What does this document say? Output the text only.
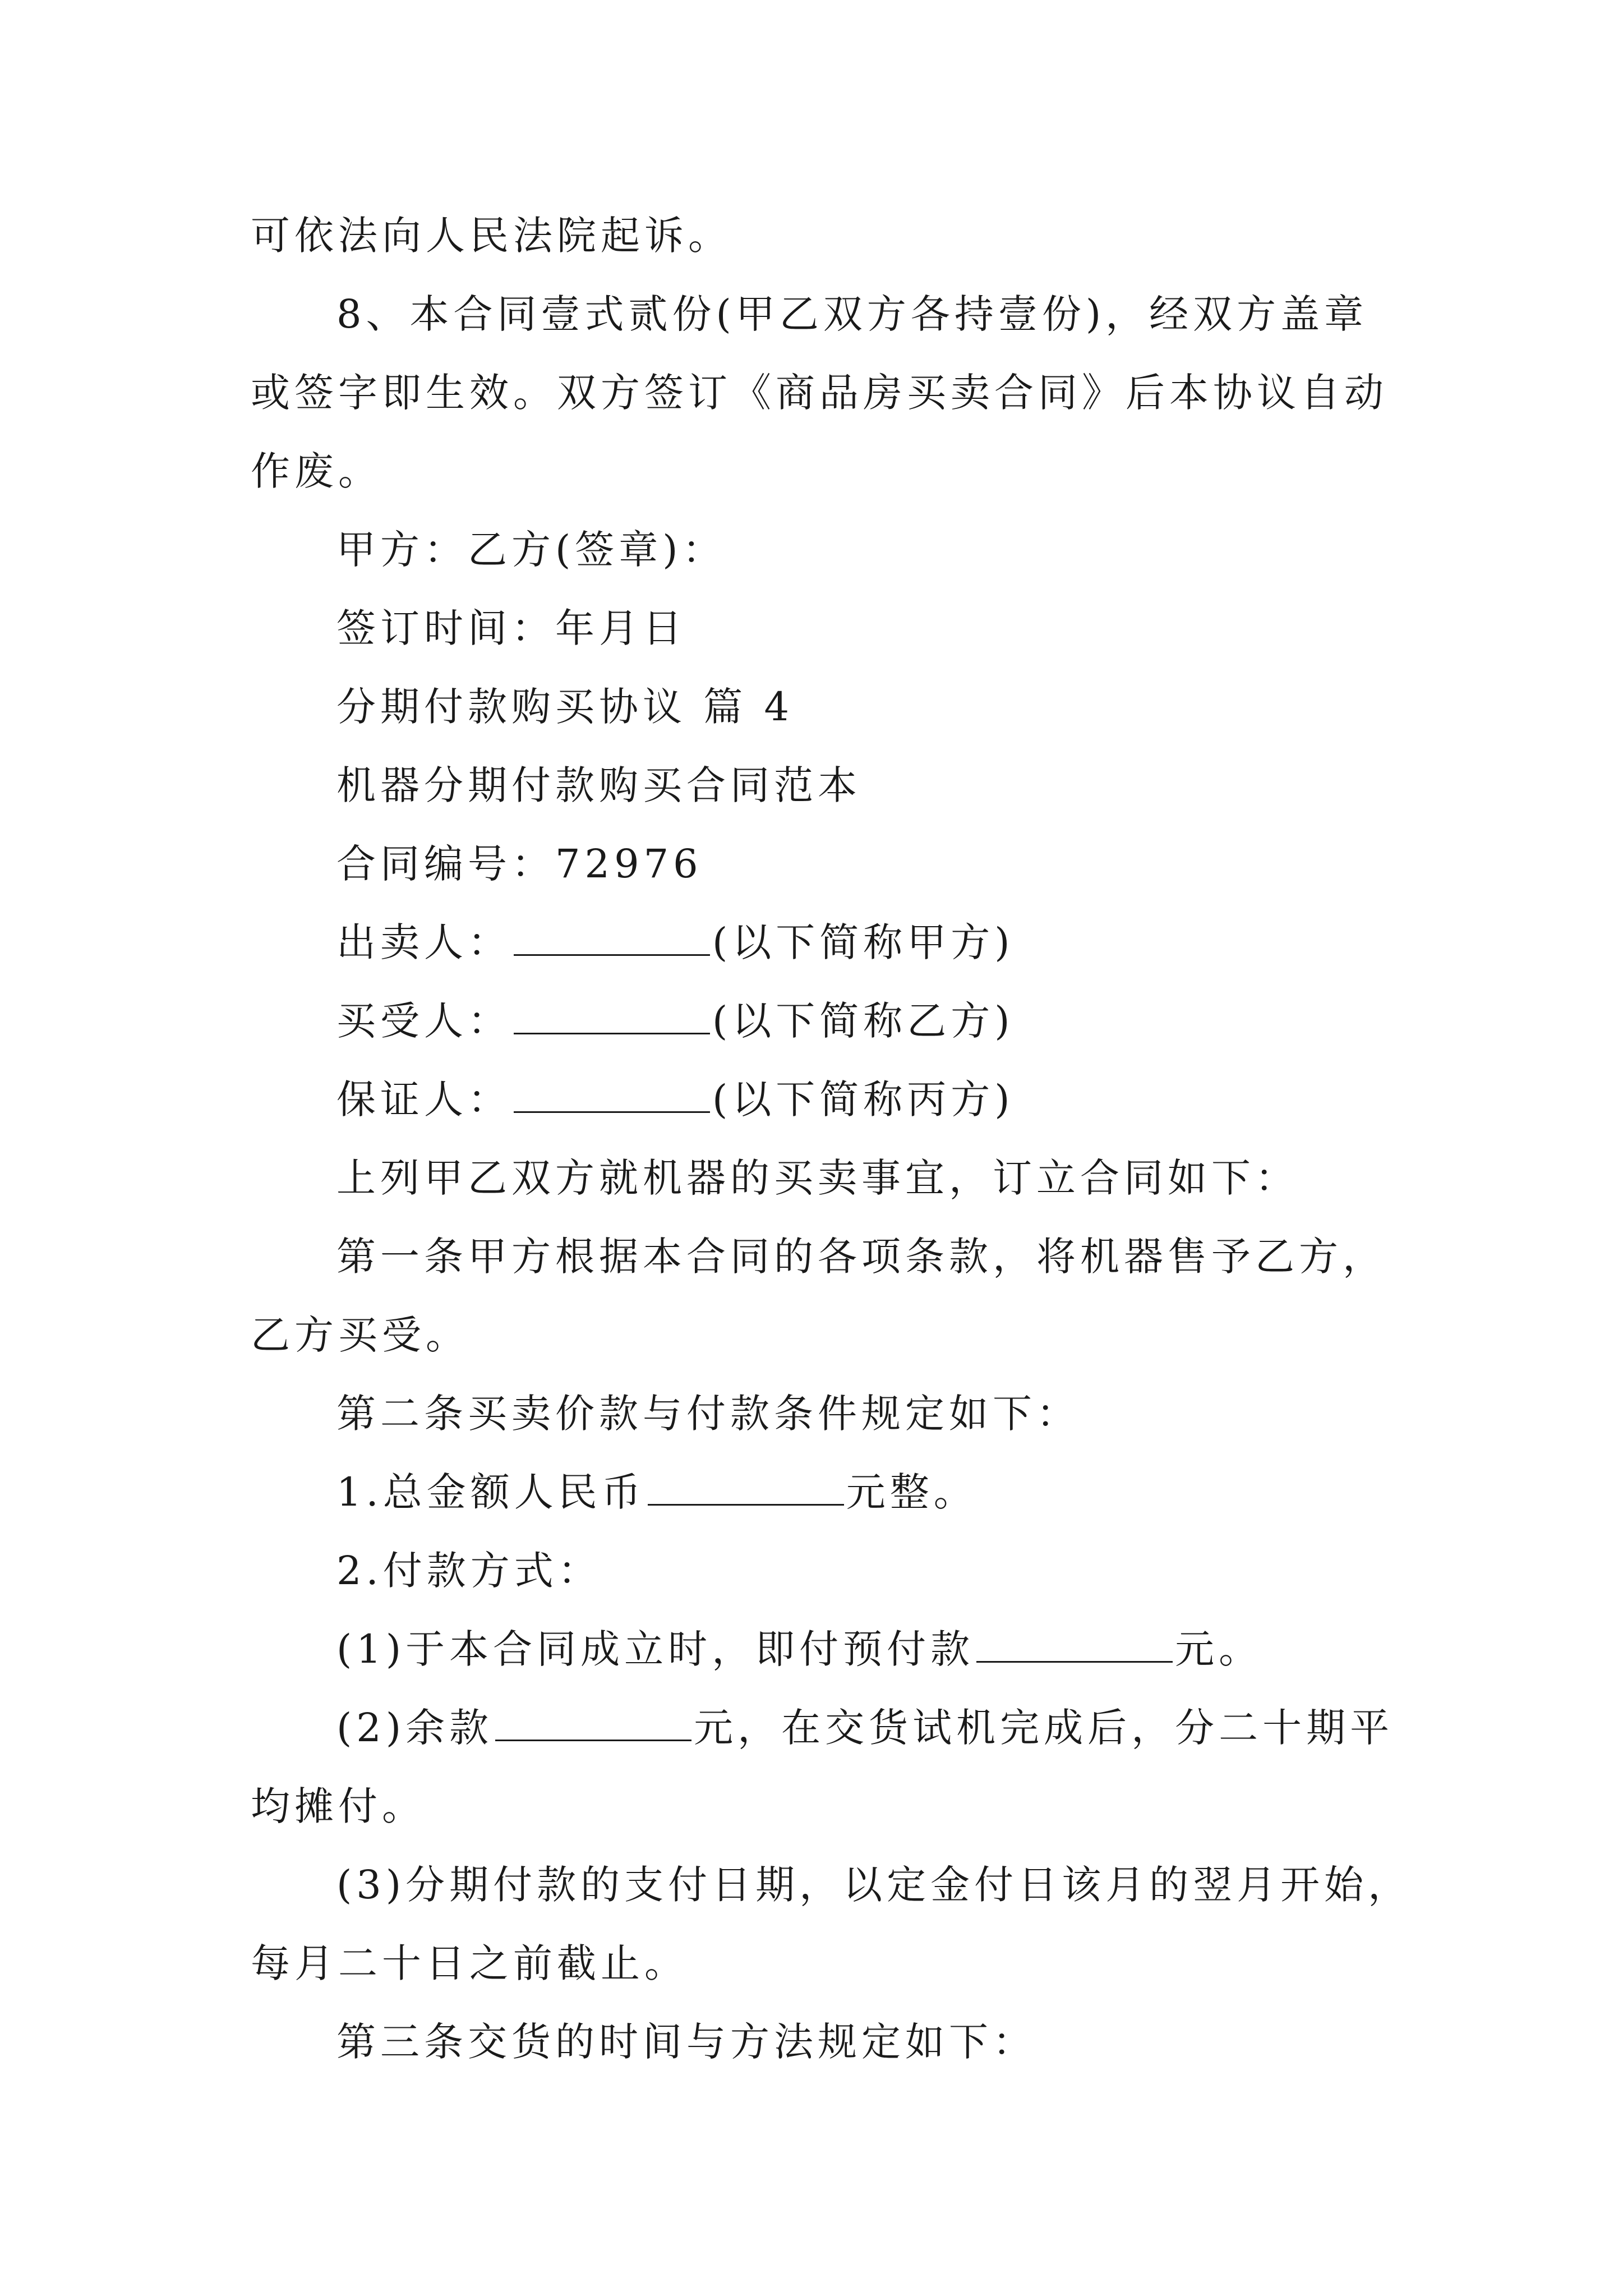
可依法向人民法院起诉。
8、本合同壹式贰份(甲乙双方各持壹份)，经双方盖章
或签字即生效。双方签订《商品房买卖合同》后本协议自动
作废。
甲方：乙方(签章)：
签订时间：年月日
分期付款购买协议 篇 4
机器分期付款购买合同范本
合同编号：72976
出卖人：	(以下简称甲方)
买受人：	(以下简称乙方)
保证人：	(以下简称丙方)
上列甲乙双方就机器的买卖事宜，订立合同如下：
第一条甲方根据本合同的各项条款，将机器售予乙方，
乙方买受。
第二条买卖价款与付款条件规定如下：
1.总金额人民币	元整。
2.付款方式：
(1)于本合同成立时，即付预付款	元。
(2)余款	元，在交货试机完成后，分二十期平
均摊付。
(3)分期付款的支付日期，以定金付日该月的翌月开始，
每月二十日之前截止。
第三条交货的时间与方法规定如下：
